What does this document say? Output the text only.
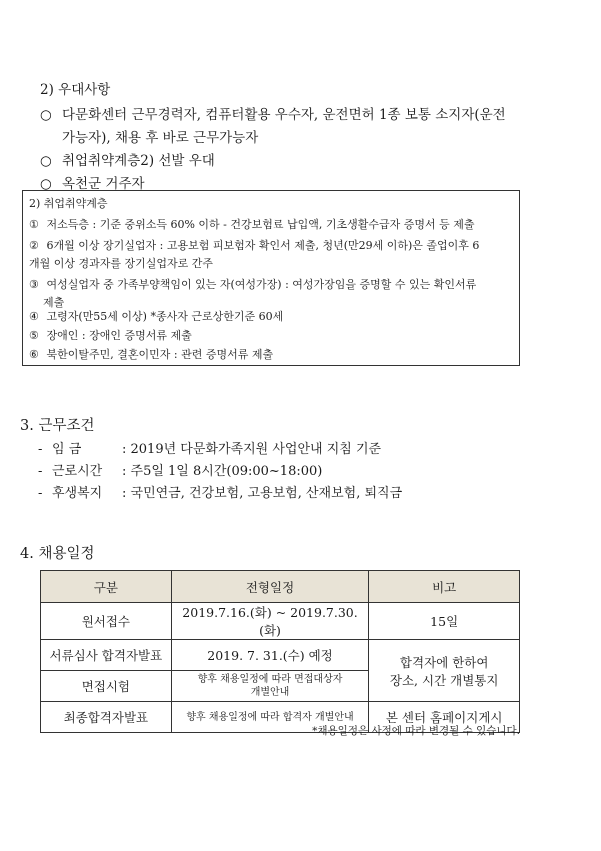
2) 우대사항
○ 다문화센터 근무경력자, 컴퓨터활용 우수자, 운전면허 1종 보통 소지자(운전
가능자), 채용 후 바로 근무가능자
○ 취업취약계층2) 선발 우대
○ 옥천군 거주자
2) 취업취약계층
① 저소득층 : 기준 중위소득 60% 이하 - 건강보험료 납입액, 기초생활수급자 증명서 등 제출
② 6개월 이상 장기실업자 : 고용보험 피보험자 확인서 제출, 청년(만29세 이하)은 졸업이후 6
개월 이상 경과자를 장기실업자로 간주
③ 여성실업자 중 가족부양책임이 있는 자(여성가장) : 여성가장임을 증명할 수 있는 확인서류
제출
④ 고령자(만55세 이상) *종사자 근로상한기준 60세
⑤ 장애인 : 장애인 증명서류 제출
⑥ 북한이탈주민, 결혼이민자 : 관련 증명서류 제출
3. 근무조건
- 임 금	: 2019년 다문화가족지원 사업안내 지침 기준
- 근로시간 : 주5일 1일 8시간(09:00~18:00)
- 후생복지 : 국민연금, 건강보험, 고용보험, 산재보험, 퇴직금
4. 채용일정
구분	전형일정	비고
원서접수	2019.7.16.(화) ~ 2019.7.30.(화)	15일
서류심사 합격자발표	2019. 7. 31.(수) 예정	합격자에 한하여
장소, 시간 개별통지

면접시험	향후 채용일정에 따라 면접대상자
개별안내	

최종합격자발표	향후 채용일정에 따라 합격자 개별안내	본 센터 홈페이지게시
*채용일정은 사정에 따라 변경될 수 있습니다.
